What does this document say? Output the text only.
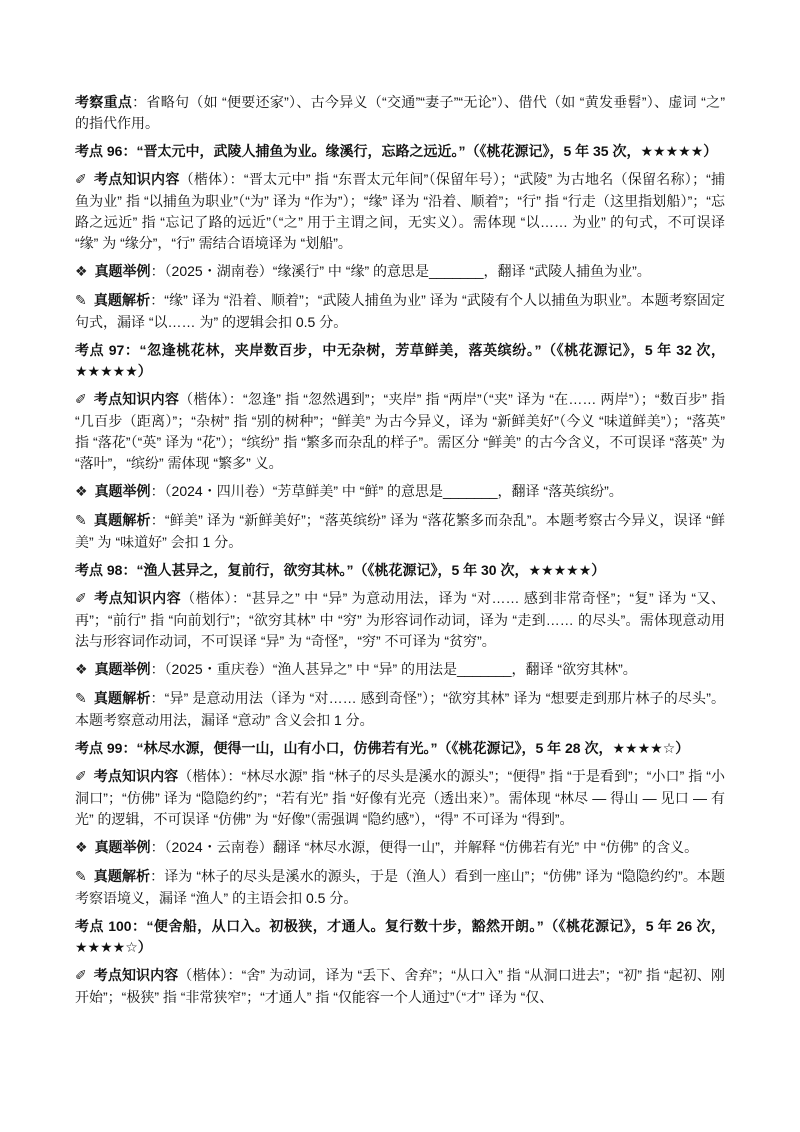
考察重点：省略句（如 “便要还家”）、古今异义（“交通”“妻子”“无论”）、借代（如 “黄发垂髫”）、虚词 “之” 的指代作用。

考点 96：“晋太元中，武陵人捕鱼为业。缘溪行，忘路之远近。”（《桃花源记》，5 年 35 次，★★★★★）

✐ 考点知识内容（楷体）：“晋太元中” 指 “东晋太元年间”（保留年号）；“武陵” 为古地名（保留名称）；“捕鱼为业” 指 “以捕鱼为职业”（“为” 译为 “作为”）；“缘” 译为 “沿着、顺着”；“行” 指 “行走（这里指划船）”；“忘路之远近” 指 “忘记了路的远近”（“之” 用于主谓之间，无实义）。需体现 “以…… 为业” 的句式，不可误译 “缘” 为 “缘分”，“行” 需结合语境译为 “划船”。

❖ 真题举例：（2025・湖南卷）“缘溪行” 中 “缘” 的意思是_______，翻译 “武陵人捕鱼为业”。

✎ 真题解析：“缘” 译为 “沿着、顺着”；“武陵人捕鱼为业” 译为 “武陵有个人以捕鱼为职业”。本题考察固定句式，漏译 “以…… 为” 的逻辑会扣 0.5 分。

考点 97：“忽逢桃花林，夹岸数百步，中无杂树，芳草鲜美，落英缤纷。”（《桃花源记》，5 年 32 次，★★★★★）

✐ 考点知识内容（楷体）：“忽逢” 指 “忽然遇到”；“夹岸” 指 “两岸”（“夹” 译为 “在…… 两岸”）；“数百步” 指 “几百步（距离）”；“杂树” 指 “别的树种”；“鲜美” 为古今异义，译为 “新鲜美好”（今义 “味道鲜美”）；“落英” 指 “落花”（“英” 译为 “花”）；“缤纷” 指 “繁多而杂乱的样子”。需区分 “鲜美” 的古今含义，不可误译 “落英” 为 “落叶”，“缤纷” 需体现 “繁多” 义。

❖ 真题举例：（2024・四川卷）“芳草鲜美” 中 “鲜” 的意思是_______，翻译 “落英缤纷”。

✎ 真题解析：“鲜美” 译为 “新鲜美好”；“落英缤纷” 译为 “落花繁多而杂乱”。本题考察古今异义，误译 “鲜美” 为 “味道好” 会扣 1 分。

考点 98：“渔人甚异之，复前行，欲穷其林。”（《桃花源记》，5 年 30 次，★★★★★）

✐ 考点知识内容（楷体）：“甚异之” 中 “异” 为意动用法，译为 “对…… 感到非常奇怪”；“复” 译为 “又、再”；“前行” 指 “向前划行”；“欲穷其林” 中 “穷” 为形容词作动词，译为 “走到…… 的尽头”。需体现意动用法与形容词作动词，不可误译 “异” 为 “奇怪”，“穷” 不可译为 “贫穷”。

❖ 真题举例：（2025・重庆卷）“渔人甚异之” 中 “异” 的用法是_______，翻译 “欲穷其林”。

✎ 真题解析：“异” 是意动用法（译为 “对…… 感到奇怪”）；“欲穷其林” 译为 “想要走到那片林子的尽头”。本题考察意动用法，漏译 “意动” 含义会扣 1 分。

考点 99：“林尽水源，便得一山，山有小口，仿佛若有光。”（《桃花源记》，5 年 28 次，★★★★☆）

✐ 考点知识内容（楷体）：“林尽水源” 指 “林子的尽头是溪水的源头”；“便得” 指 “于是看到”；“小口” 指 “小洞口”；“仿佛” 译为 “隐隐约约”；“若有光” 指 “好像有光亮（透出来）”。需体现 “林尽 — 得山 — 见口 — 有光” 的逻辑，不可误译 “仿佛” 为 “好像”（需强调 “隐约感”），“得” 不可译为 “得到”。

❖ 真题举例：（2024・云南卷）翻译 “林尽水源，便得一山”，并解释 “仿佛若有光” 中 “仿佛” 的含义。

✎ 真题解析：译为 “林子的尽头是溪水的源头，于是（渔人）看到一座山”；“仿佛” 译为 “隐隐约约”。本题考察语境义，漏译 “渔人” 的主语会扣 0.5 分。

考点 100：“便舍船，从口入。初极狭，才通人。复行数十步，豁然开朗。”（《桃花源记》，5 年 26 次，★★★★☆）

✐ 考点知识内容（楷体）：“舍” 为动词，译为 “丢下、舍弃”；“从口入” 指 “从洞口进去”；“初” 指 “起初、刚开始”；“极狭” 指 “非常狭窄”；“才通人” 指 “仅能容一个人通过”（“才” 译为 “仅、
